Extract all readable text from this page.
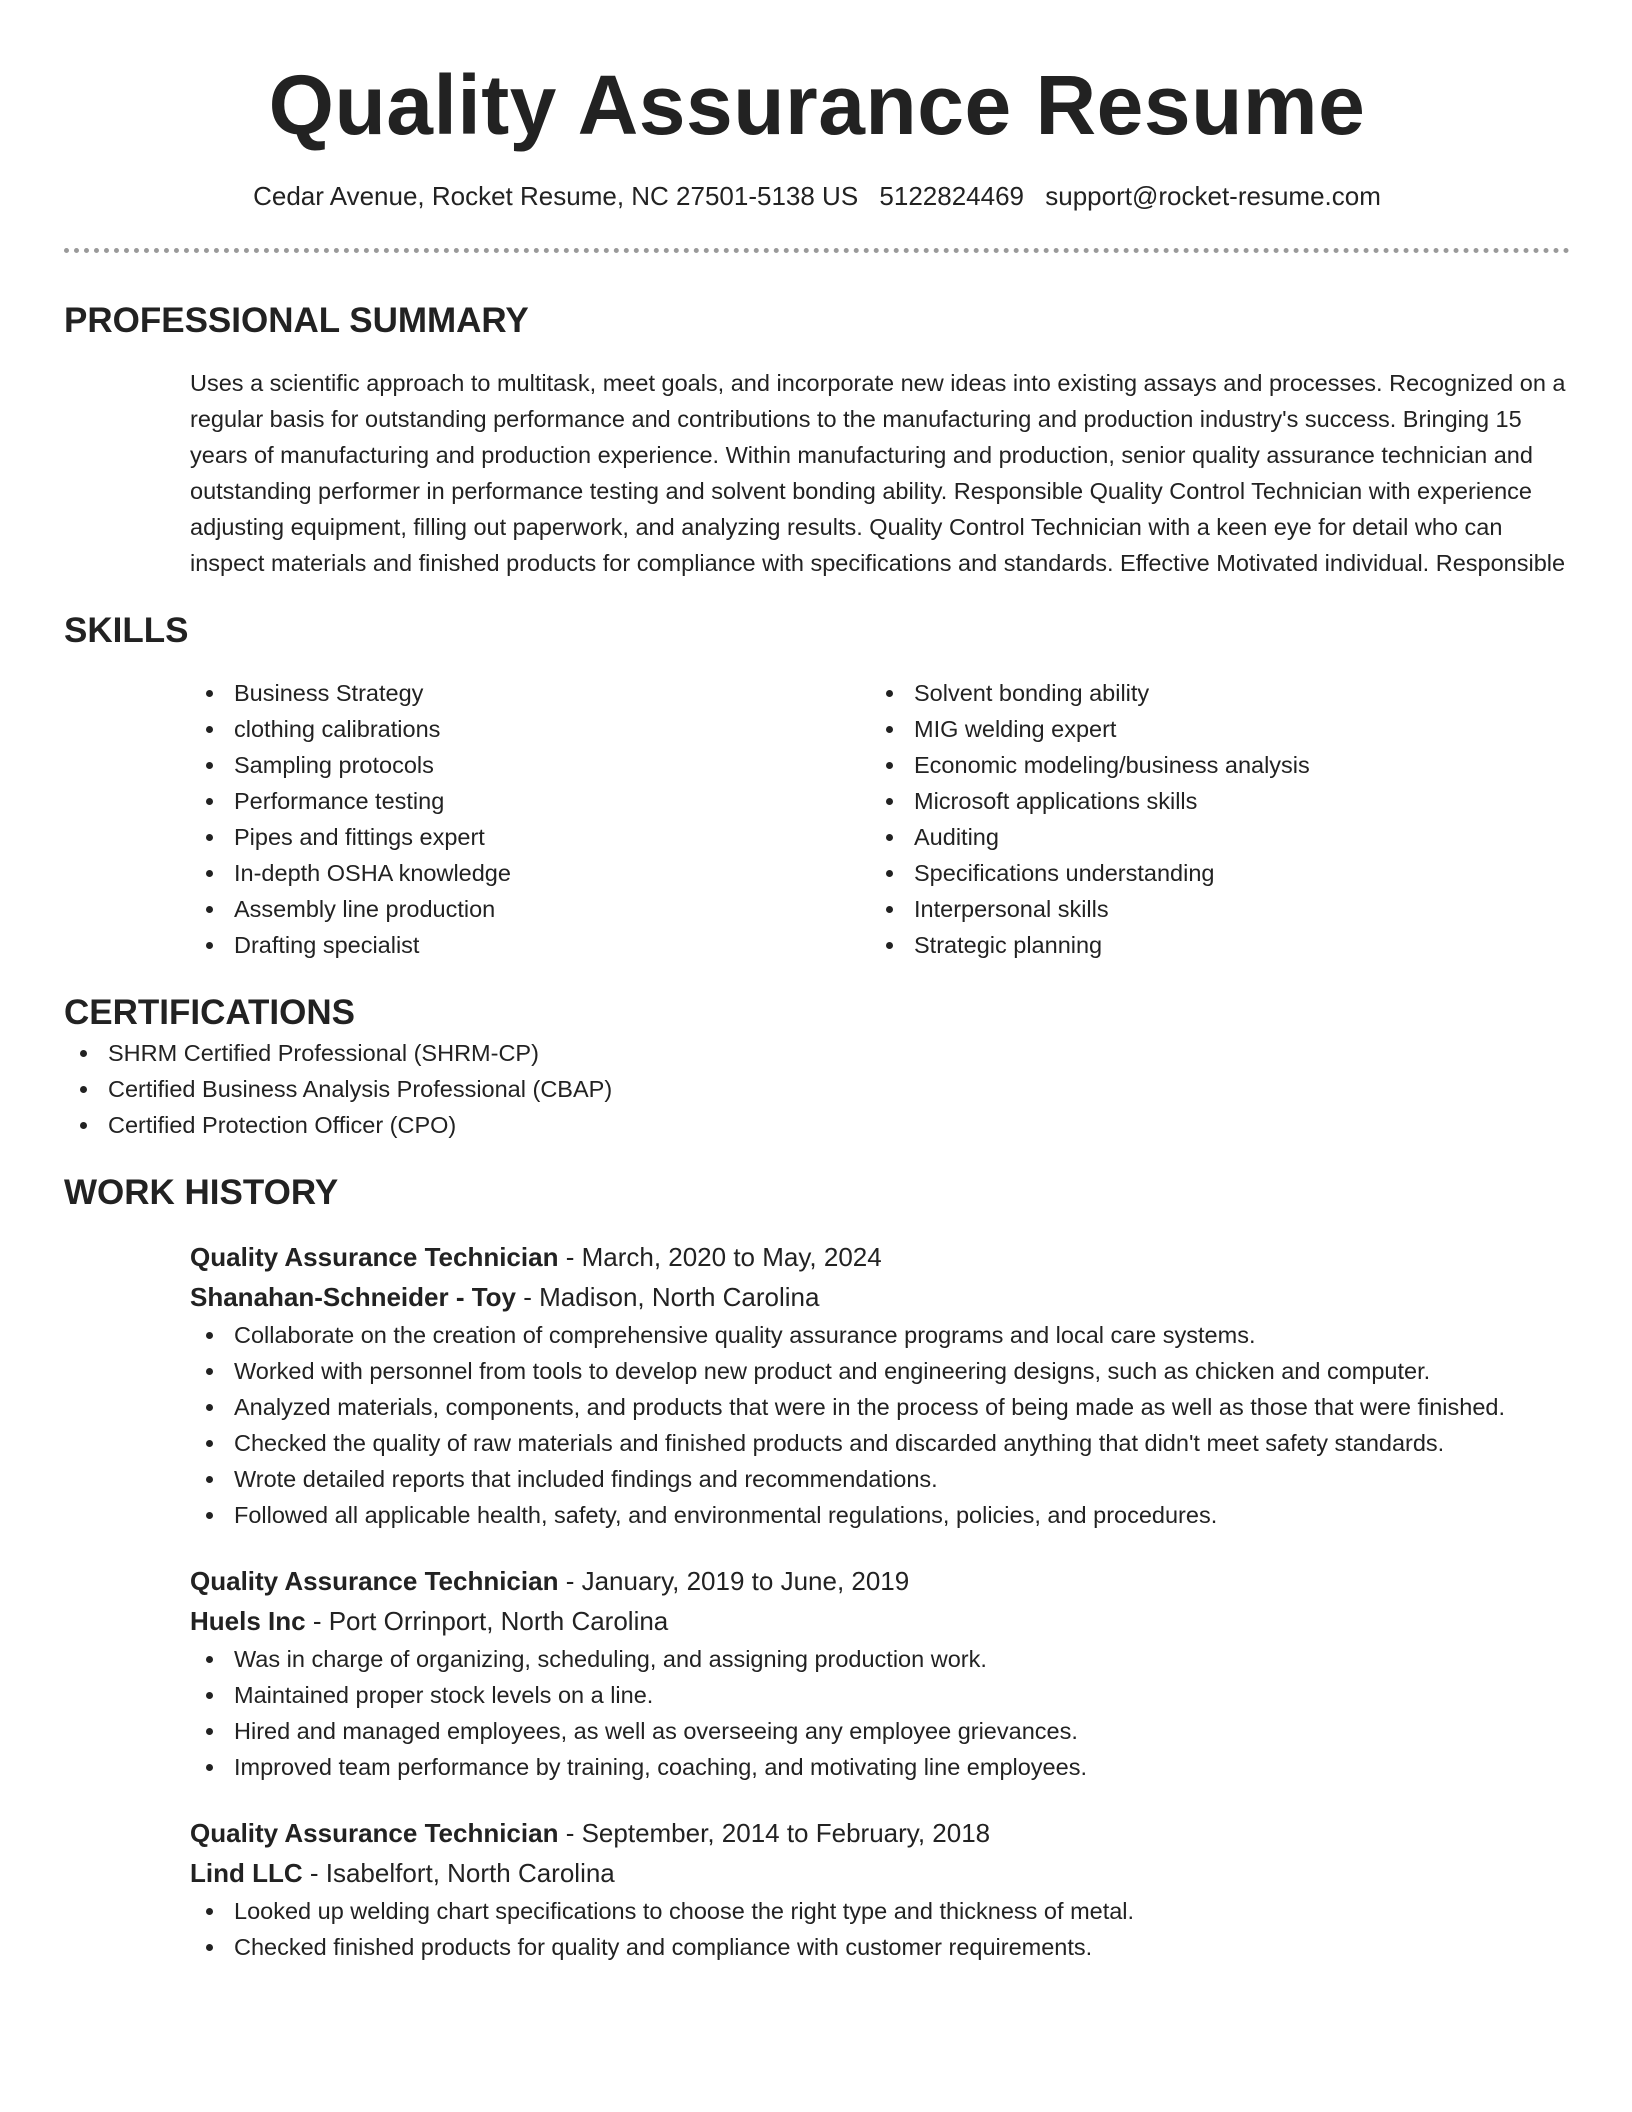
Quality Assurance Resume
Cedar Avenue, Rocket Resume, NC 27501-5138 US 5122824469 support@rocket-resume.com
PROFESSIONAL SUMMARY

Uses a scientific approach to multitask, meet goals, and incorporate new ideas into existing assays and processes. Recognized on a regular basis for outstanding performance and contributions to the manufacturing and production industry's success. Bringing 15 years of manufacturing and production experience. Within manufacturing and production, senior quality assurance technician and outstanding performer in performance testing and solvent bonding ability. Responsible Quality Control Technician with experience adjusting equipment, filling out paperwork, and analyzing results. Quality Control Technician with a keen eye for detail who can inspect materials and finished products for compliance with specifications and standards. Effective Motivated individual. Responsible

SKILLS
Business Strategy
clothing calibrations
Sampling protocols
Performance testing
Pipes and fittings expert
In-depth OSHA knowledge
Assembly line production
Drafting specialist
Solvent bonding ability
MIG welding expert
Economic modeling/business analysis
Microsoft applications skills
Auditing
Specifications understanding
Interpersonal skills
Strategic planning
CERTIFICATIONS
SHRM Certified Professional (SHRM-CP)
Certified Business Analysis Professional (CBAP)
Certified Protection Officer (CPO)
WORK HISTORY
Quality Assurance Technician - March, 2020 to May, 2024
Shanahan-Schneider - Toy - Madison, North Carolina
Collaborate on the creation of comprehensive quality assurance programs and local care systems.
Worked with personnel from tools to develop new product and engineering designs, such as chicken and computer.
Analyzed materials, components, and products that were in the process of being made as well as those that were finished.
Checked the quality of raw materials and finished products and discarded anything that didn't meet safety standards.
Wrote detailed reports that included findings and recommendations.
Followed all applicable health, safety, and environmental regulations, policies, and procedures.
Quality Assurance Technician - January, 2019 to June, 2019
Huels Inc - Port Orrinport, North Carolina
Was in charge of organizing, scheduling, and assigning production work.
Maintained proper stock levels on a line.
Hired and managed employees, as well as overseeing any employee grievances.
Improved team performance by training, coaching, and motivating line employees.
Quality Assurance Technician - September, 2014 to February, 2018
Lind LLC - Isabelfort, North Carolina
Looked up welding chart specifications to choose the right type and thickness of metal.
Checked finished products for quality and compliance with customer requirements.
